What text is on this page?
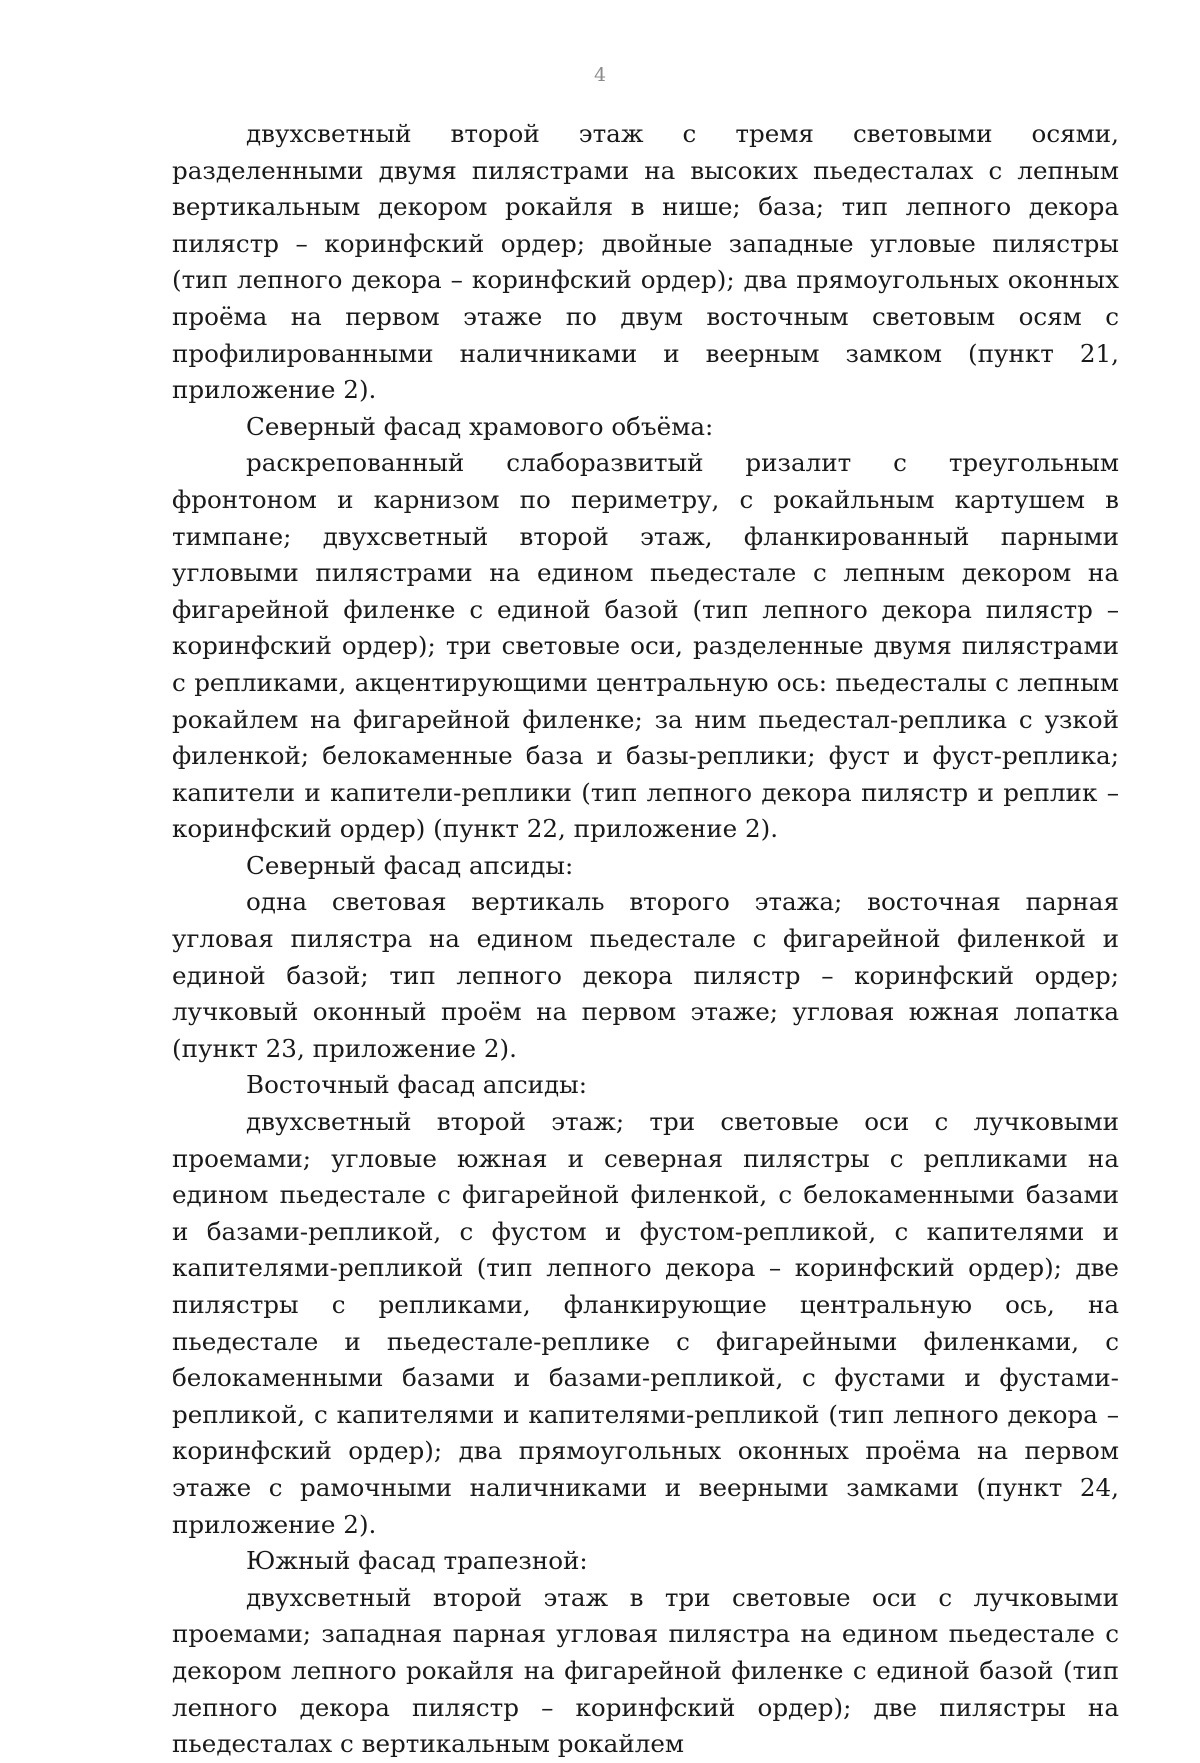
4

двухсветный второй этаж с тремя световыми осями, разделенными двумя пилястрами на высоких пьедесталах с лепным вертикальным декором рокайля в нише; база; тип лепного декора пилястр – коринфский ордер; двойные западные угловые пилястры (тип лепного декора – коринфский ордер); два прямоугольных оконных проёма на первом этаже по двум восточным световым осям с профилированными наличниками и веерным замком (пункт 21, приложение 2).

Северный фасад храмового объёма:

раскрепованный слаборазвитый ризалит с треугольным фронтоном и карнизом по периметру, с рокайльным картушем в тимпане; двухсветный второй этаж, фланкированный парными угловыми пилястрами на едином пьедестале с лепным декором на фигарейной филенке с единой базой (тип лепного декора пилястр – коринфский ордер); три световые оси, разделенные двумя пилястрами с репликами, акцентирующими центральную ось: пьедесталы с лепным рокайлем на фигарейной филенке; за ним пьедестал-реплика с узкой филенкой; белокаменные база и базы-реплики; фуст и фуст-реплика; капители и капители-реплики (тип лепного декора пилястр и реплик – коринфский ордер) (пункт 22, приложение 2).

Северный фасад апсиды:

одна световая вертикаль второго этажа; восточная парная угловая пилястра на едином пьедестале с фигарейной филенкой и единой базой; тип лепного декора пилястр – коринфский ордер; лучковый оконный проём на первом этаже; угловая южная лопатка (пункт 23, приложение 2).

Восточный фасад апсиды:

двухсветный второй этаж; три световые оси с лучковыми проемами; угловые южная и северная пилястры с репликами на едином пьедестале с фигарейной филенкой, с белокаменными базами и базами-репликой, с фустом и фустом-репликой, с капителями и капителями-репликой (тип лепного декора – коринфский ордер); две пилястры с репликами, фланкирующие центральную ось, на пьедестале и пьедестале-реплике с фигарейными филенками, с белокаменными базами и базами-репликой, с фустами и фустами-репликой, с капителями и капителями-репликой (тип лепного декора – коринфский ордер); два прямоугольных оконных проёма на первом этаже с рамочными наличниками и веерными замками (пункт 24, приложение 2).

Южный фасад трапезной:

двухсветный второй этаж в три световые оси с лучковыми проемами; западная парная угловая пилястра на едином пьедестале с декором лепного рокайля на фигарейной филенке с единой базой (тип лепного декора пилястр – коринфский ордер); две пилястры на пьедесталах с вертикальным рокайлем
